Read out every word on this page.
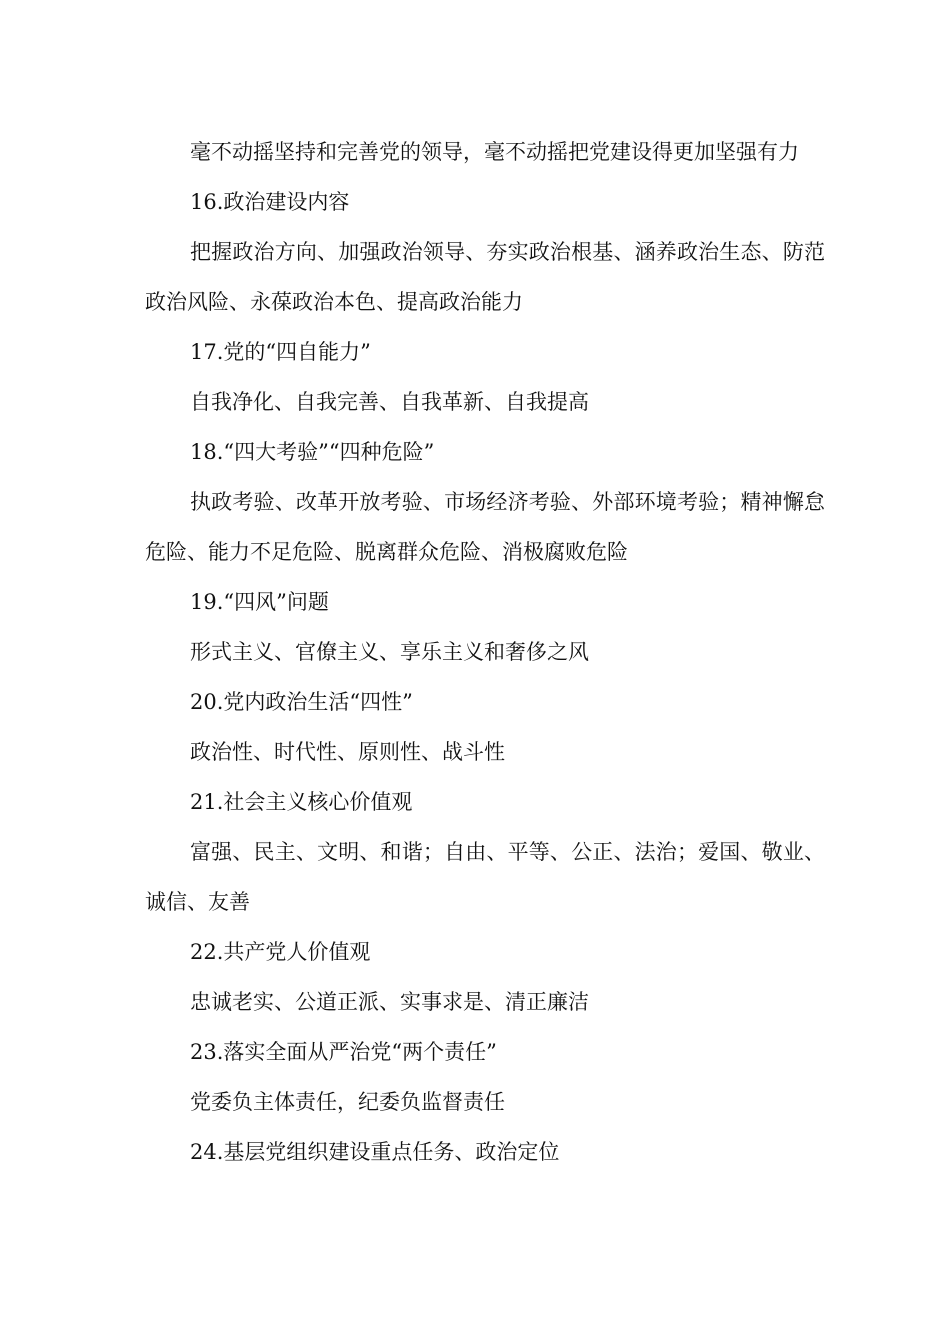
毫不动摇坚持和完善党的领导，毫不动摇把党建设得更加坚强有力

16.政治建设内容

把握政治方向、加强政治领导、夯实政治根基、涵养政治生态、防范政治风险、永葆政治本色、提高政治能力

17.党的“四自能力”

自我净化、自我完善、自我革新、自我提高

18.“四大考验”“四种危险”

执政考验、改革开放考验、市场经济考验、外部环境考验；精神懈怠危险、能力不足危险、脱离群众危险、消极腐败危险

19.“四风”问题

形式主义、官僚主义、享乐主义和奢侈之风

20.党内政治生活“四性”

政治性、时代性、原则性、战斗性

21.社会主义核心价值观

富强、民主、文明、和谐；自由、平等、公正、法治；爱国、敬业、诚信、友善

22.共产党人价值观

忠诚老实、公道正派、实事求是、清正廉洁

23.落实全面从严治党“两个责任”

党委负主体责任，纪委负监督责任

24.基层党组织建设重点任务、政治定位
